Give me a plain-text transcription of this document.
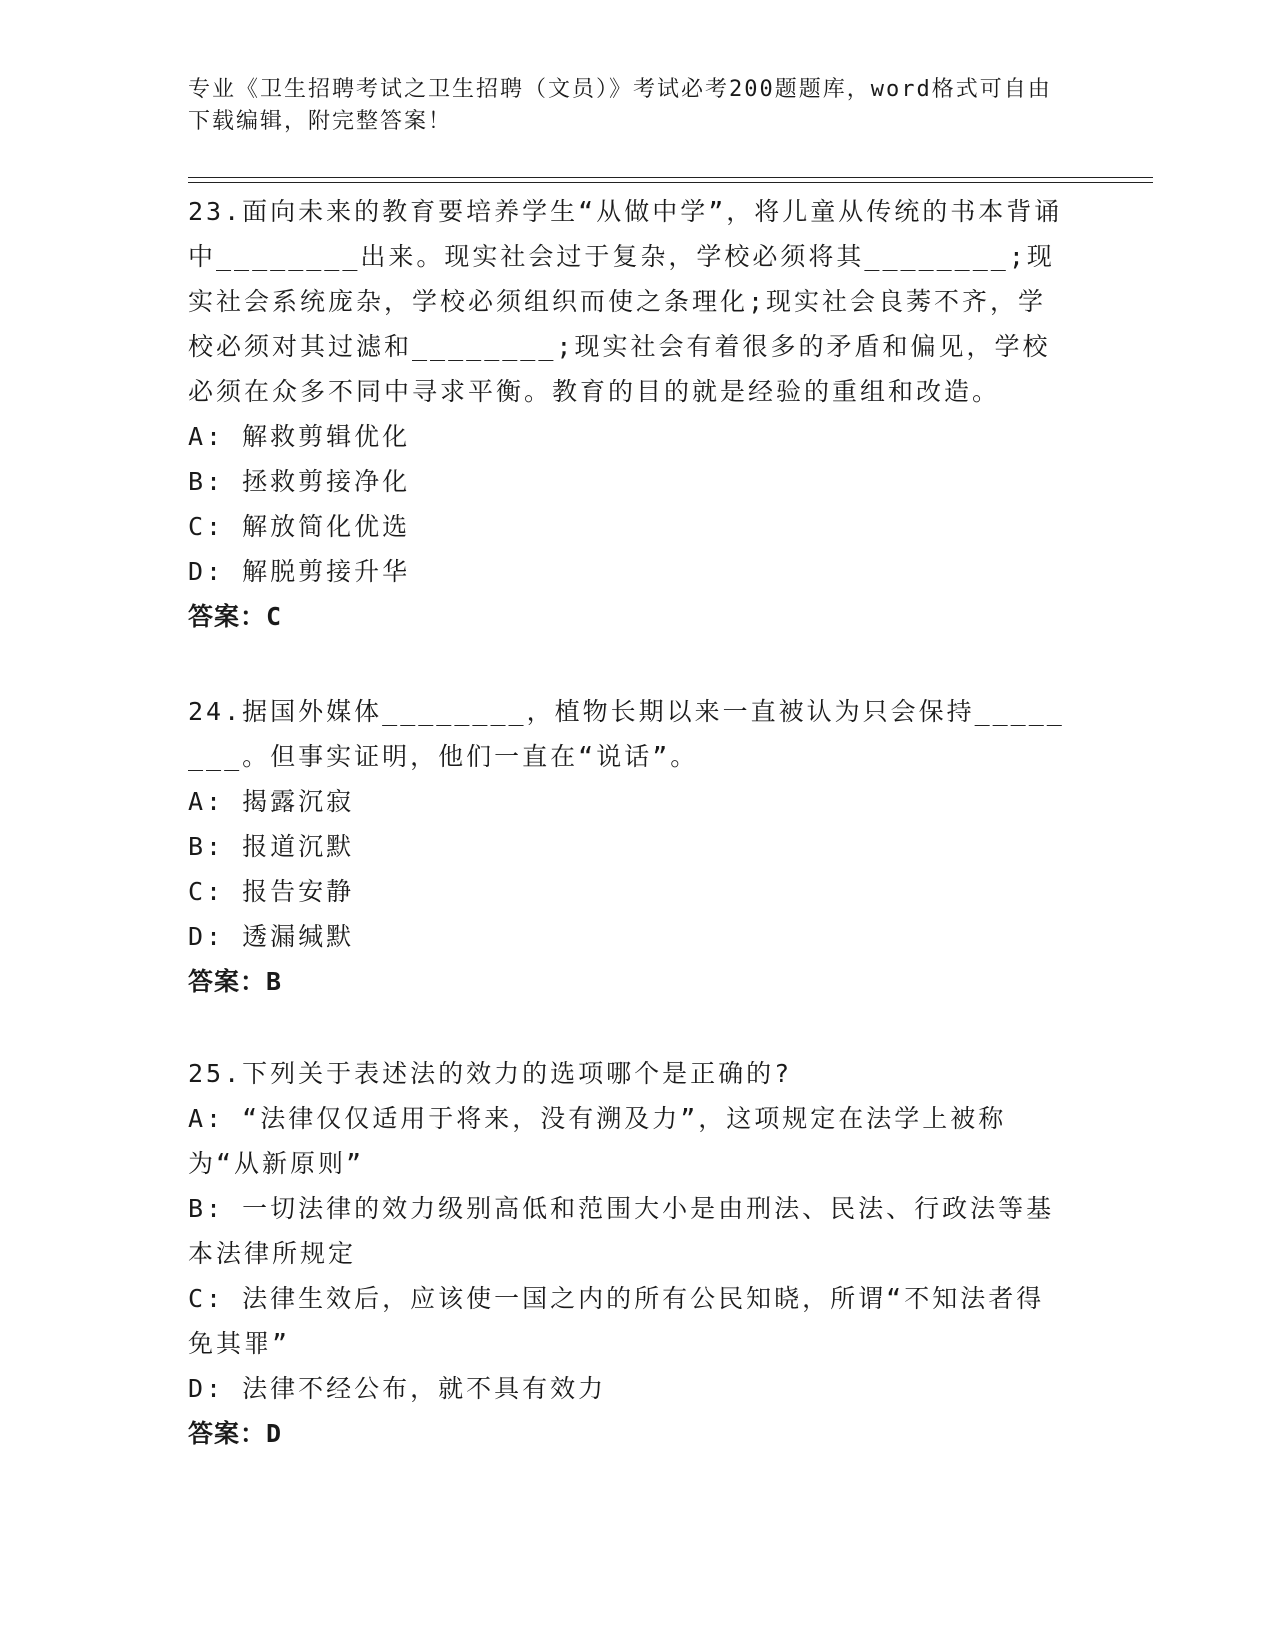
专业《卫生招聘考试之卫生招聘（文员）》考试必考200题题库，word格式可自由下载编辑，附完整答案！

23.面向未来的教育要培养学生“从做中学”，将儿童从传统的书本背诵中________出来。现实社会过于复杂，学校必须将其________;现实社会系统庞杂，学校必须组织而使之条理化;现实社会良莠不齐，学校必须对其过滤和________;现实社会有着很多的矛盾和偏见，学校必须在众多不同中寻求平衡。教育的目的就是经验的重组和改造。

A: 解救剪辑优化

B: 拯救剪接净化

C: 解放简化优选

D: 解脱剪接升华

答案：C

24.据国外媒体________，植物长期以来一直被认为只会保持________。但事实证明，他们一直在“说话”。

A: 揭露沉寂

B: 报道沉默

C: 报告安静

D: 透漏缄默

答案：B

25.下列关于表述法的效力的选项哪个是正确的?

A: “法律仅仅适用于将来，没有溯及力”，这项规定在法学上被称为“从新原则”

B: 一切法律的效力级别高低和范围大小是由刑法、民法、行政法等基本法律所规定

C: 法律生效后，应该使一国之内的所有公民知晓，所谓“不知法者得免其罪”

D: 法律不经公布，就不具有效力

答案：D
